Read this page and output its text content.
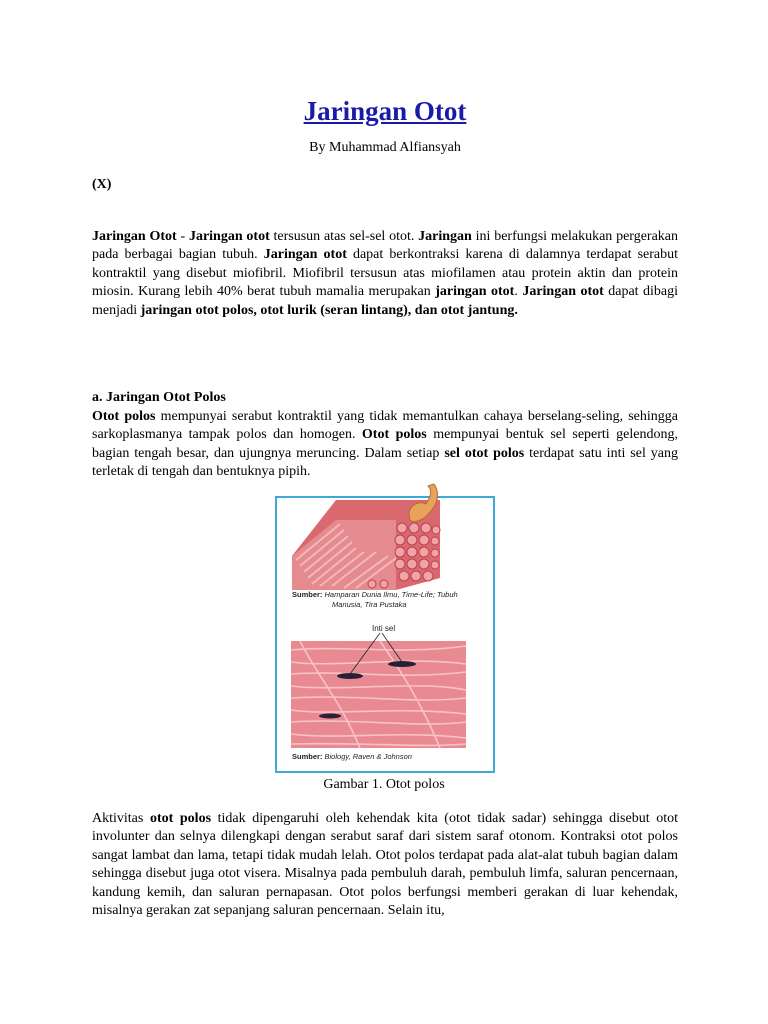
Jaringan Otot
By Muhammad Alfiansyah
(X)
Jaringan Otot - Jaringan otot tersusun atas sel-sel otot. Jaringan ini berfungsi melakukan pergerakan pada berbagai bagian tubuh. Jaringan otot dapat berkontraksi karena di dalamnya terdapat serabut kontraktil yang disebut miofibril. Miofibril tersusun atas miofilamen atau protein aktin dan protein miosin. Kurang lebih 40% berat tubuh mamalia merupakan jaringan otot. Jaringan otot dapat dibagi menjadi jaringan otot polos, otot lurik (seran lintang), dan otot jantung.
a. Jaringan Otot Polos
Otot polos mempunyai serabut kontraktil yang tidak memantulkan cahaya berselang-seling, sehingga sarkoplasmanya tampak polos dan homogen. Otot polos mempunyai bentuk sel seperti gelendong, bagian tengah besar, dan ujungnya meruncing. Dalam setiap sel otot polos terdapat satu inti sel yang terletak di tengah dan bentuknya pipih.
Aktivitas otot polos tidak dipengaruhi oleh kehendak kita (otot tidak sadar) sehingga disebut otot involunter dan selnya dilengkapi dengan serabut saraf dari sistem saraf otonom. Kontraksi otot polos sangat lambat dan lama, tetapi tidak mudah lelah. Otot polos terdapat pada alat-alat tubuh bagian dalam sehingga disebut juga otot visera. Misalnya pada pembuluh darah, pembuluh limfa, saluran pencernaan, kandung kemih, dan saluran pernapasan. Otot polos berfungsi memberi gerakan di luar kehendak, misalnya gerakan zat sepanjang saluran pencernaan. Selain itu,
Sumber: Hamparan Dunia Ilmu, Time-Life; Tubuh
Manusia, Tira Pustaka
Inti sel
Sumber: Biology, Raven & Johnson
Gambar 1. Otot polos
